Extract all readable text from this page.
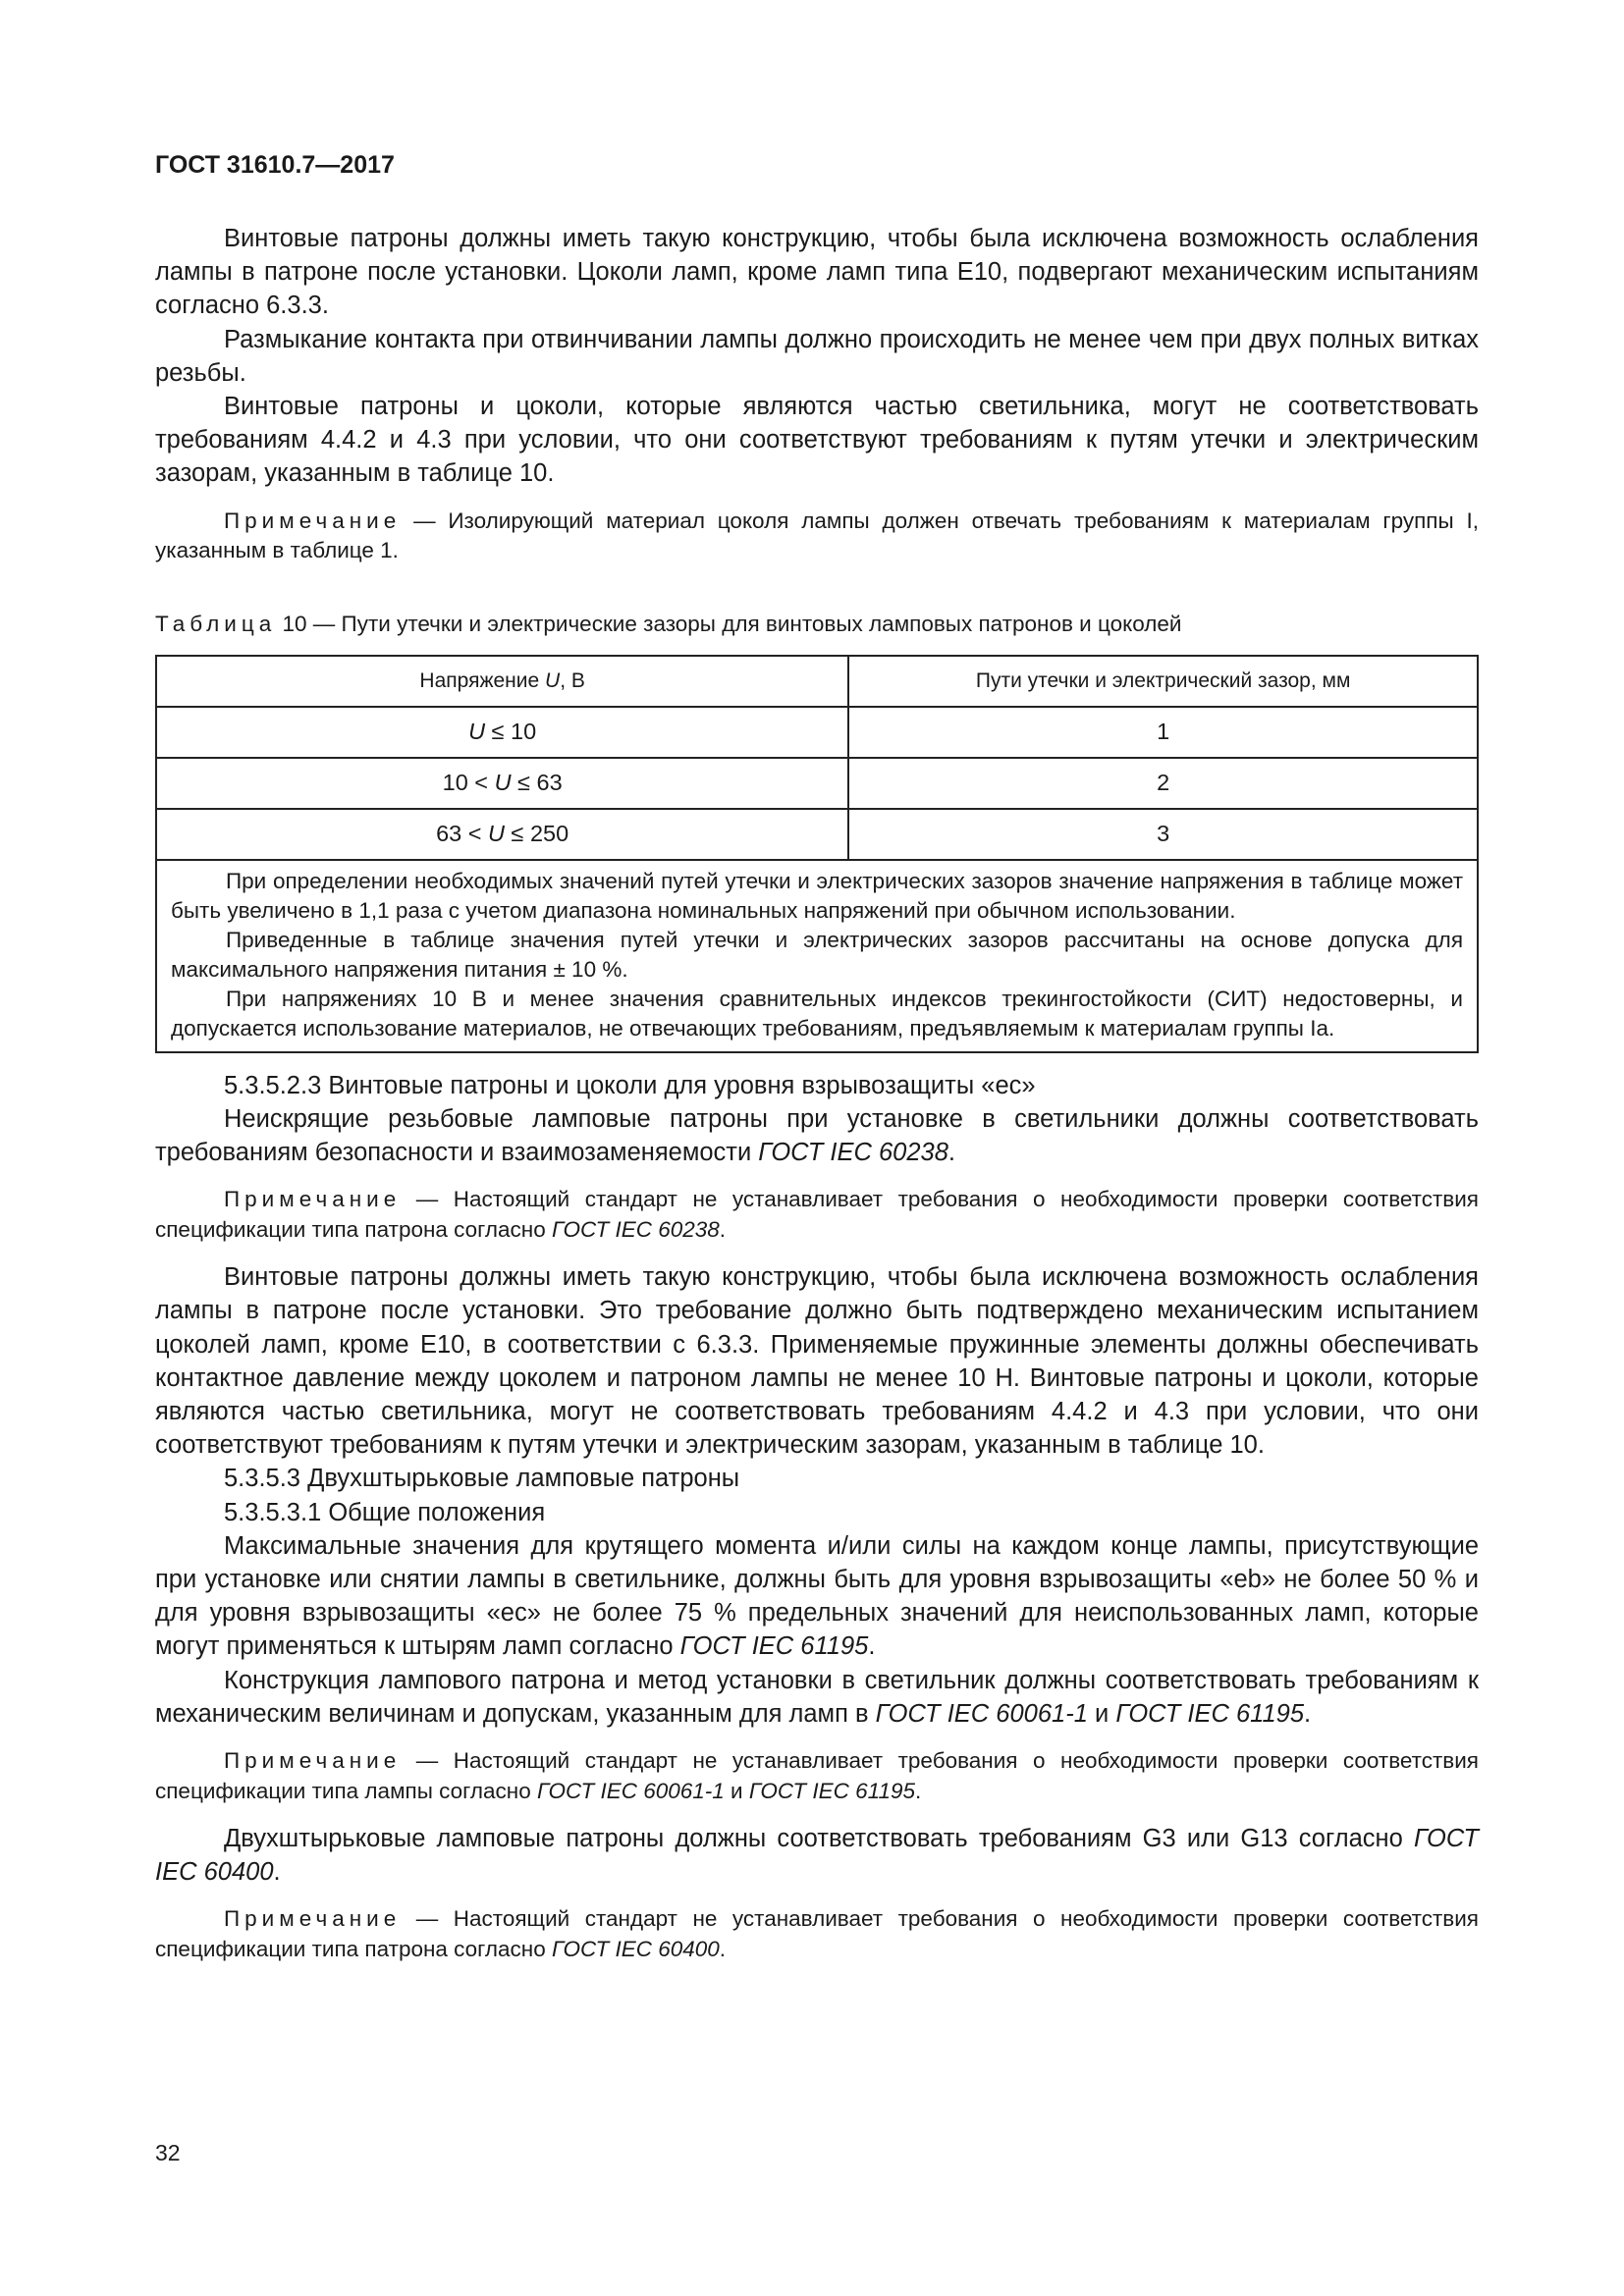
ГОСТ 31610.7—2017

Винтовые патроны должны иметь такую конструкцию, чтобы была исключена возможность ослабления лампы в патроне после установки. Цоколи ламп, кроме ламп типа E10, подвергают механическим испытаниям согласно 6.3.3.

Размыкание контакта при отвинчивании лампы должно происходить не менее чем при двух полных витках резьбы.

Винтовые патроны и цоколи, которые являются частью светильника, могут не соответствовать требованиям 4.4.2 и 4.3 при условии, что они соответствуют требованиям к путям утечки и электрическим зазорам, указанным в таблице 10.

Примечание — Изолирующий материал цоколя лампы должен отвечать требованиям к материалам группы I, указанным в таблице 1.

Таблица 10 — Пути утечки и электрические зазоры для винтовых ламповых патронов и цоколей

Напряжение U, В	Пути утечки и электрический зазор, мм
U ≤ 10	1
10 < U ≤ 63	2
63 < U ≤ 250	3

При определении необходимых значений путей утечки и электрических зазоров значение напряжения в таблице может быть увеличено в 1,1 раза с учетом диапазона номинальных напряжений при обычном использовании.

Приведенные в таблице значения путей утечки и электрических зазоров рассчитаны на основе допуска для максимального напряжения питания ± 10 %.

При напряжениях 10 В и менее значения сравнительных индексов трекингостойкости (СИТ) недостоверны, и допускается использование материалов, не отвечающих требованиям, предъявляемым к материалам группы Ia.	

5.3.5.2.3 Винтовые патроны и цоколи для уровня взрывозащиты «ес»

Неискрящие резьбовые ламповые патроны при установке в светильники должны соответствовать требованиям безопасности и взаимозаменяемости ГОСТ IEC 60238.

Примечание — Настоящий стандарт не устанавливает требования о необходимости проверки соответствия спецификации типа патрона согласно ГОСТ IEC 60238.

Винтовые патроны должны иметь такую конструкцию, чтобы была исключена возможность ослабления лампы в патроне после установки. Это требование должно быть подтверждено механическим испытанием цоколей ламп, кроме E10, в соответствии с 6.3.3. Применяемые пружинные элементы должны обеспечивать контактное давление между цоколем и патроном лампы не менее 10 Н. Винтовые патроны и цоколи, которые являются частью светильника, могут не соответствовать требованиям 4.4.2 и 4.3 при условии, что они соответствуют требованиям к путям утечки и электрическим зазорам, указанным в таблице 10.

5.3.5.3 Двухштырьковые ламповые патроны

5.3.5.3.1 Общие положения

Максимальные значения для крутящего момента и/или силы на каждом конце лампы, присутствующие при установке или снятии лампы в светильнике, должны быть для уровня взрывозащиты «eb» не более 50 % и для уровня взрывозащиты «ес» не более 75 % предельных значений для неиспользованных ламп, которые могут применяться к штырям ламп согласно ГОСТ IEC 61195.

Конструкция лампового патрона и метод установки в светильник должны соответствовать требованиям к механическим величинам и допускам, указанным для ламп в ГОСТ IEC 60061-1 и ГОСТ IEC 61195.

Примечание — Настоящий стандарт не устанавливает требования о необходимости проверки соответствия спецификации типа лампы согласно ГОСТ IEC 60061-1 и ГОСТ IEC 61195.

Двухштырьковые ламповые патроны должны соответствовать требованиям G3 или G13 согласно ГОСТ IEC 60400.

Примечание — Настоящий стандарт не устанавливает требования о необходимости проверки соответствия спецификации типа патрона согласно ГОСТ IEC 60400.

32
